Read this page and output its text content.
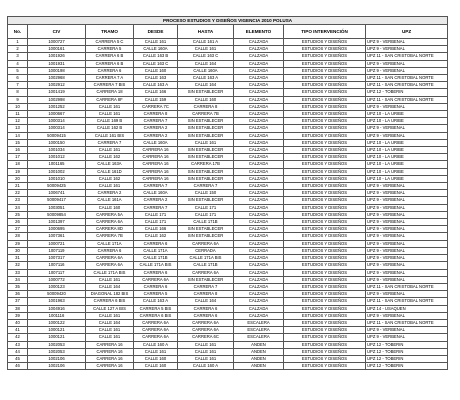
PROCESO ESTUDIOS Y DISEÑOS VIGENCIA 2010 POLUSA							
No.	CIV	TRAMO	DESDE	HASTA	ELEMENTO	TIPO INTERVENCIÓN	UPZ
1	1000727	CARRERA 5 C	CALLE 161	CALLE 161 A	CALZADA	ESTUDIOS Y DISEÑOS	UPZ 9 - VERBENAL
2	1000161	CARRERA 5	CALLE 160A	CALLE 161	CALZADA	ESTUDIOS Y DISEÑOS	UPZ 9 - VERBENAL
3	1001926	CARRERA 6 B	CALLE 163 B	CALLE 163 C	CALZADA	ESTUDIOS Y DISEÑOS	UPZ 11 - SAN CRISTOBAL NORTE
4	1001931	CARRERA 6 B	CALLE 163 C	CALLE 164	CALZADA	ESTUDIOS Y DISEÑOS	UPZ 9 - VERBENAL
5	1000198	CARRERA 6	CALLE 160	CALLE 160A	CALZADA	ESTUDIOS Y DISEÑOS	UPZ 9 - VERBENAL
6	1002968	CARRERA 7 A	CALLE 163	CALLE 163 A	CALZADA	ESTUDIOS Y DISEÑOS	UPZ 11 - SAN CRISTOBAL NORTE
7	1002912	CARRERA 7 BIS	CALLE 163 A	CALLE 164	CALZADA	ESTUDIOS Y DISEÑOS	UPZ 11 - SAN CRISTOBAL NORTE
8	1001419	CARRERA 18	CALLE 166	SIN ESTABLECER	CALZADA	ESTUDIOS Y DISEÑOS	UPZ 12 - TOBERIN
9	1002998	CARRERA 8F	CALLE 159	CALLE 160	CALZADA	ESTUDIOS Y DISEÑOS	UPZ 11 - SAN CRISTOBAL NORTE
10	1001252	CALLE 161	CARRERA 7C	CARRERA 8	CALZADA	ESTUDIOS Y DISEÑOS	UPZ 9 - VERBENAL
11	1000667	CALLE 161	CARRERA 8	CARRERA 7B	CALZADA	ESTUDIOS Y DISEÑOS	UPZ 10 - LA URIBE
12	1000314	CALLE 169 B	CARRERA 7	SIN ESTABLECER	CALZADA	ESTUDIOS Y DISEÑOS	UPZ 10 - LA URIBE
13	1000314	CALLE 162 B	CARRERA 2	SIN ESTABLECER	CALZADA	ESTUDIOS Y DISEÑOS	UPZ 9 - VERBENAL
14	50009415	CALLE 161 BIS	CARRERA 2	SIN ESTABLECER	CALZADA	ESTUDIOS Y DISEÑOS	UPZ 9 - VERBENAL
15	1000150	CARRERA 7	CALLE 160A	CALLE 161	CALZADA	ESTUDIOS Y DISEÑOS	UPZ 10 - LA URIBE
16	1001034	CALLE 161	CARRERA 16	SIN ESTABLECER	CALZADA	ESTUDIOS Y DISEÑOS	UPZ 10 - LA URIBE
17	1001012	CALLE 162	CARRERA 16	SIN ESTABLECER	CALZADA	ESTUDIOS Y DISEÑOS	UPZ 10 - LA URIBE
18	1001165	CALLE 163A	CARRERA 16	CARRERA 17B	CALZADA	ESTUDIOS Y DISEÑOS	UPZ 10 - LA URIBE
19	1001002	CALLE 161D	CARRERA 16	SIN ESTABLECER	CALZADA	ESTUDIOS Y DISEÑOS	UPZ 10 - LA URIBE
20	1001010	CALLE 162	CARRERA 16	SIN ESTABLECER	CALZADA	ESTUDIOS Y DISEÑOS	UPZ 10 - LA URIBE
21	50009425	CALLE 161	CARRERA 7	CARRERA 7	CALZADA	ESTUDIOS Y DISEÑOS	UPZ 9 - VERBENAL
22	1006741	CARRERA 2	CALLE 160A	CALLE 150	CALZADA	ESTUDIOS Y DISEÑOS	UPZ 9 - VERBENAL
23	50009417	CALLE 161A	CARRERA 2	SIN ESTABLECER	CALZADA	ESTUDIOS Y DISEÑOS	UPZ 9 - VERBENAL
24	1003051	CALLE 160	CARRERA 7	CALLE 171	CALZADA	ESTUDIOS Y DISEÑOS	UPZ 9 - VERBENAL
25	50009854	CARRERA 5A	CALLE 171	CALLE 171	CALZADA	ESTUDIOS Y DISEÑOS	UPZ 9 - VERBENAL
26	1001397	CARRERA 6A	CALLE 171	CALLE 171B	CALZADA	ESTUDIOS Y DISEÑOS	UPZ 9 - VERBENAL
27	1000695	CARRERA 8D	CALLE 166	SIN ESTABLECER	CALZADA	ESTUDIOS Y DISEÑOS	UPZ 9 - VERBENAL
28	1007361	CARRERA 7B	CALLE 162	SIN ESTABLECER	CALZADA	ESTUDIOS Y DISEÑOS	UPZ 9 - VERBENAL
29	1000721	CALLE 171A	CARRERA 6	CARRERA 6A	CALZADA	ESTUDIOS Y DISEÑOS	UPZ 9 - VERBENAL
30	1007119	CARRERA 6	CALLE 171A	CERRADA	CALZADA	ESTUDIOS Y DISEÑOS	UPZ 9 - VERBENAL
31	1007317	CARRERA 6A	CALLE 171B	CALLE 171A BIS	CALZADA	ESTUDIOS Y DISEÑOS	UPZ 9 - VERBENAL
32	1007116	CARRERA 6A	CALLE 171A BIS	CALLE 171B	CALZADA	ESTUDIOS Y DISEÑOS	UPZ 9 - VERBENAL
33	1007117	CALLE 171A BIS	CARRERA 6	CARRERA 6A	CALZADA	ESTUDIOS Y DISEÑOS	UPZ 9 - VERBENAL
34	1000772	CALLE 161	CARRERA 6A	SIN ESTABLECER	CALZADA	ESTUDIOS Y DISEÑOS	UPZ 9 - VERBENAL
35	1000123	CALLE 164	CARRERA 6	CARRERA 7	CALZADA	ESTUDIOS Y DISEÑOS	UPZ 11 - SAN CRISTOBAL NORTE
36	50009420	DIAGONAL 182 BIS	CARRERA 5	CARRERA 8	CALZADA	ESTUDIOS Y DISEÑOS	UPZ 9 - VERBENAL
37	1001963	CARRERA 6 BIS	CALLE 163 A	CALLE 164	CALZADA	ESTUDIOS Y DISEÑOS	UPZ 11 - SAN CRISTOBAL NORTE
38	1004916	CALLE 127 A BIS	CARRERA 5 BIS	CARRERA 6	CALZADA	ESTUDIOS Y DISEÑOS	UPZ 14 - USAQUEN
39	1001116	CALLE 161	CARRERA 6 BIS	CARRERA 6	CALZADA	ESTUDIOS Y DISEÑOS	UPZ 9 - VERBENAL
40	1000122	CALLE 164	CARRERA 6A	CARRERA 6A	ESCALERA	ESTUDIOS Y DISEÑOS	UPZ 11 - SAN CRISTOBAL NORTE
41	1000121	CALLE 161	CARRERA 6A	CARRERA 6A	ESCALERA	ESTUDIOS Y DISEÑOS	UPZ 9 - VERBENAL
42	1000121	CALLE 161	CARRERA 6A	CARRERA 6C	ESCALERA	ESTUDIOS Y DISEÑOS	UPZ 9 - VERBENAL
43	1002053	CARRERA 16	CALLE 160 A	CALLE 161	ANDEN	ESTUDIOS Y DISEÑOS	UPZ 12 - TOBERIN
44	1002053	CARRERA 16	CALLE 161	CALLE 161	ANDEN	ESTUDIOS Y DISEÑOS	UPZ 12 - TOBERIN
45	1002106	CARRERA 16	CALLE 160	CALLE 161	ANDEN	ESTUDIOS Y DISEÑOS	UPZ 12 - TOBERIN
46	1002106	CARRERA 16	CALLE 160	CALLE 160 A	ANDEN	ESTUDIOS Y DISEÑOS	UPZ 12 - TOBERIN
